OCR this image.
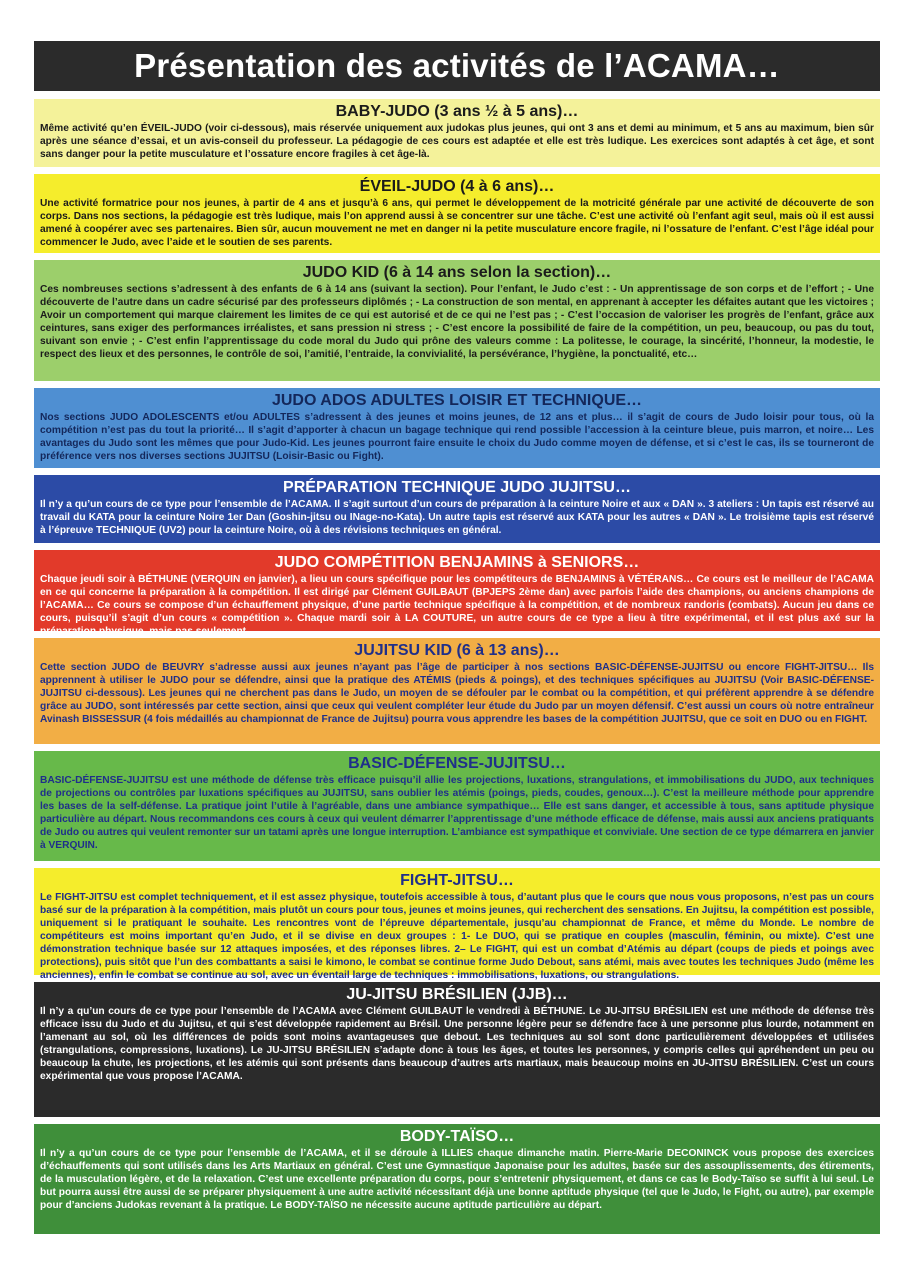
Présentation des activités de l’ACAMA…
BABY-JUDO (3 ans ½ à 5 ans)…

Même activité qu’en ÉVEIL-JUDO (voir ci-dessous), mais réservée uniquement aux judokas plus jeunes, qui ont 3 ans et demi au minimum, et 5 ans au maximum, bien sûr après une séance d’essai, et un avis-conseil du professeur. La pédagogie de ces cours est adaptée et elle est très ludique. Les exercices sont adaptés à cet âge, et sont sans danger pour la petite musculature et l’ossature encore fragiles à cet âge-là.

ÉVEIL-JUDO (4 à 6 ans)…

Une activité formatrice pour nos jeunes, à partir de 4 ans et jusqu’à 6 ans, qui permet le développement de la motricité générale par une activité de découverte de son corps. Dans nos sections, la pédagogie est très ludique, mais l’on apprend aussi à se concentrer sur une tâche. C’est une activité où l’enfant agit seul, mais où il est aussi amené à coopérer avec ses partenaires. Bien sûr, aucun mouvement ne met en danger ni la petite musculature encore fragile, ni l’ossature de l’enfant. C’est l’âge idéal pour commencer le Judo, avec l’aide et le soutien de ses parents.

JUDO KID (6 à 14 ans selon la section)…

Ces nombreuses sections s’adressent à des enfants de 6 à 14 ans (suivant la section). Pour l’enfant, le Judo c’est : - Un apprentissage de son corps et de l’effort ; - Une découverte de l’autre dans un cadre sécurisé par des professeurs diplômés ; - La construction de son mental, en apprenant à accepter les défaites autant que les victoires ; Avoir un comportement qui marque clairement les limites de ce qui est autorisé et de ce qui ne l’est pas ; - C’est l’occasion de valoriser les progrès de l’enfant, grâce aux ceintures, sans exiger des performances irréalistes, et sans pression ni stress ; - C’est encore la possibilité de faire de la compétition, un peu, beaucoup, ou pas du tout, suivant son envie ; - C’est enfin l’apprentissage du code moral du Judo qui prône des valeurs comme : La politesse, le courage, la sincérité, l’honneur, la modestie, le respect des lieux et des personnes, le contrôle de soi, l’amitié, l’entraide, la convivialité, la persévérance, l’hygiène, la ponctualité, etc…

JUDO ADOS ADULTES LOISIR ET TECHNIQUE…

Nos sections JUDO ADOLESCENTS et/ou ADULTES s’adressent à des jeunes et moins jeunes, de 12 ans et plus… il s’agit de cours de Judo loisir pour tous, où la compétition n’est pas du tout la priorité… Il s’agit d’apporter à chacun un bagage technique qui rend possible l’accession à la ceinture bleue, puis marron, et noire… Les avantages du Judo sont les mêmes que pour Judo-Kid. Les jeunes pourront faire ensuite le choix du Judo comme moyen de défense, et si c’est le cas, ils se tourneront de préférence vers nos diverses sections JUJITSU (Loisir-Basic ou Fight).

PRÉPARATION TECHNIQUE JUDO JUJITSU…

Il n’y a qu’un cours de ce type pour l’ensemble de l’ACAMA. Il s’agit surtout d’un cours de préparation à la ceinture Noire et aux « DAN ». 3 ateliers : Un tapis est réservé au travail du KATA pour la ceinture Noire 1er Dan (Goshin-jitsu ou INage-no-Kata). Un autre tapis est réservé aux KATA pour les autres « DAN ». Le troisième tapis est réservé à l’épreuve TECHNIQUE (UV2) pour la ceinture Noire, où à des révisions techniques en général.

JUDO COMPÉTITION BENJAMINS à SENIORS…

Chaque jeudi soir à BÉTHUNE (VERQUIN en janvier), a lieu un cours spécifique pour les compétiteurs de BENJAMINS à VÉTÉRANS… Ce cours est le meilleur de l’ACAMA en ce qui concerne la préparation à la compétition. Il est dirigé par Clément GUILBAUT (BPJEPS 2ème dan) avec parfois l’aide des champions, ou anciens champions de l’ACAMA… Ce cours se compose d’un échauffement physique, d’une partie technique spécifique à la compétition, et de nombreux randoris (combats). Aucun jeu dans ce cours, puisqu’il s’agit d’un cours « compétition ». Chaque mardi soir à LA COUTURE, un autre cours de ce type a lieu à titre expérimental, et il est plus axé sur la préparation physique, mais pas seulement…

JUJITSU KID (6 à 13 ans)…

Cette section JUDO de BEUVRY s’adresse aussi aux jeunes n’ayant pas l’âge de participer à nos sections BASIC-DÉFENSE-JUJITSU ou encore FIGHT-JITSU… Ils apprennent à utiliser le JUDO pour se défendre, ainsi que la pratique des ATÉMIS (pieds & poings), et des techniques spécifiques au JUJITSU (Voir BASIC-DÉFENSE-JUJITSU ci-dessous). Les jeunes qui ne cherchent pas dans le Judo, un moyen de se défouler par le combat ou la compétition, et qui préfèrent apprendre à se défendre grâce au JUDO, sont intéressés par cette section, ainsi que ceux qui veulent compléter leur étude du Judo par un moyen défensif. C’est aussi un cours où notre entraîneur Avinash BISSESSUR (4 fois médaillés au championnat de France de Jujitsu) pourra vous apprendre les bases de la compétition JUJITSU, que ce soit en DUO ou en FIGHT.

BASIC-DÉFENSE-JUJITSU…

BASIC-DÉFENSE-JUJITSU est une méthode de défense très efficace puisqu’il allie les projections, luxations, strangulations, et immobilisations du JUDO, aux techniques de projections ou contrôles par luxations spécifiques au JUJITSU, sans oublier les atémis (poings, pieds, coudes, genoux…). C’est la meilleure méthode pour apprendre les bases de la self-défense. La pratique joint l’utile à l’agréable, dans une ambiance sympathique… Elle est sans danger, et accessible à tous, sans aptitude physique particulière au départ. Nous recommandons ces cours à ceux qui veulent démarrer l’apprentissage d’une méthode efficace de défense, mais aussi aux anciens pratiquants de Judo ou autres qui veulent remonter sur un tatami après une longue interruption. L’ambiance est sympathique et conviviale. Une section de ce type démarrera en janvier à VERQUIN.

FIGHT-JITSU…

Le FIGHT-JITSU est complet techniquement, et il est assez physique, toutefois accessible à tous, d’autant plus que le cours que nous vous proposons, n’est pas un cours basé sur de la préparation à la compétition, mais plutôt un cours pour tous, jeunes et moins jeunes, qui recherchent des sensations. En Jujitsu, la compétition est possible, uniquement si le pratiquant le souhaite. Les rencontres vont de l’épreuve départementale, jusqu’au championnat de France, et même du Monde. Le nombre de compétiteurs est moins important qu’en Judo, et il se divise en deux groupes : 1- Le DUO, qui se pratique en couples (masculin, féminin, ou mixte). C’est une démonstration technique basée sur 12 attaques imposées, et des réponses libres. 2– Le FIGHT, qui est un combat d’Atémis au départ (coups de pieds et poings avec protections), puis sitôt que l’un des combattants a saisi le kimono, le combat se continue forme Judo Debout, sans atémi, mais avec toutes les techniques Judo (même les anciennes), enfin le combat se continue au sol, avec un éventail large de techniques : immobilisations, luxations, ou strangulations.

JU-JITSU BRÉSILIEN (JJB)…

Il n’y a qu’un cours de ce type pour l’ensemble de l’ACAMA avec Clément GUILBAUT le vendredi à BÉTHUNE. Le JU-JITSU BRÉSILIEN est une méthode de défense très efficace issu du Judo et du Jujitsu, et qui s’est développée rapidement au Brésil. Une personne légère peur se défendre face à une personne plus lourde, notamment en l’amenant au sol, où les différences de poids sont moins avantageuses que debout. Les techniques au sol sont donc particulièrement développées et utilisées (strangulations, compressions, luxations). Le JU-JITSU BRÉSILIEN s’adapte donc à tous les âges, et toutes les personnes, y compris celles qui apréhendent un peu ou beaucoup la chute, les projections, et les atémis qui sont présents dans beaucoup d’autres arts martiaux, mais beaucoup moins en JU-JITSU BRÉSILIEN. C’est un cours expérimental que vous propose l’ACAMA.

BODY-TAÏSO…

Il n’y a qu’un cours de ce type pour l’ensemble de l’ACAMA, et il se déroule à ILLIES chaque dimanche matin. Pierre-Marie DECONINCK vous propose des exercices d’échauffements qui sont utilisés dans les Arts Martiaux en général. C’est une Gymnastique Japonaise pour les adultes, basée sur des assouplissements, des étirements, de la musculation légère, et de la relaxation. C’est une excellente préparation du corps, pour s’entretenir physiquement, et dans ce cas le Body-Taïso se suffit à lui seul. Le but pourra aussi être aussi de se préparer physiquement à une autre activité nécessitant déjà une bonne aptitude physique (tel que le Judo, le Fight, ou autre), par exemple pour d’anciens Judokas revenant à la pratique. Le BODY-TAÏSO ne nécessite aucune aptitude particulière au départ.
